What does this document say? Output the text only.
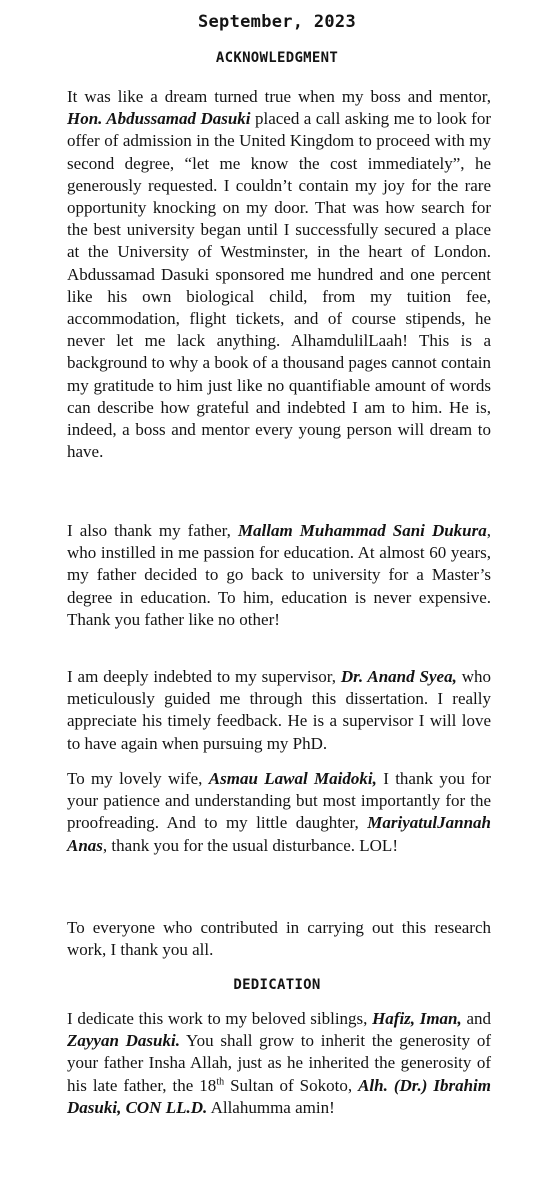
September, 2023
ACKNOWLEDGMENT

It was like a dream turned true when my boss and mentor, Hon. Abdussamad Dasuki placed a call asking me to look for offer of admission in the United Kingdom to proceed with my second degree, “let me know the cost immediately”, he generously requested. I couldn’t contain my joy for the rare opportunity knocking on my door. That was how search for the best university began until I successfully secured a place at the University of Westminster, in the heart of London. Abdussamad Dasuki sponsored me hundred and one percent like his own biological child, from my tuition fee, accommodation, flight tickets, and of course stipends, he never let me lack anything. AlhamdulilLaah! This is a background to why a book of a thousand pages cannot contain my gratitude to him just like no quantifiable amount of words can describe how grateful and indebted I am to him. He is, indeed, a boss and mentor every young person will dream to have.

I also thank my father, Mallam Muhammad Sani Dukura, who instilled in me passion for education. At almost 60 years, my father decided to go back to university for a Master’s degree in education. To him, education is never expensive. Thank you father like no other!

I am deeply indebted to my supervisor, Dr. Anand Syea, who meticulously guided me through this dissertation. I really appreciate his timely feedback. He is a supervisor I will love to have again when pursuing my PhD.

To my lovely wife, Asmau Lawal Maidoki, I thank you for your patience and understanding but most importantly for the proofreading. And to my little daughter, MariyatulJannah Anas, thank you for the usual disturbance. LOL!

To everyone who contributed in carrying out this research work, I thank you all.

DEDICATION

I dedicate this work to my beloved siblings, Hafiz, Iman, and Zayyan Dasuki. You shall grow to inherit the generosity of your father Insha Allah, just as he inherited the generosity of his late father, the 18th Sultan of Sokoto, Alh. (Dr.) Ibrahim Dasuki, CON LL.D. Allahumma amin!
